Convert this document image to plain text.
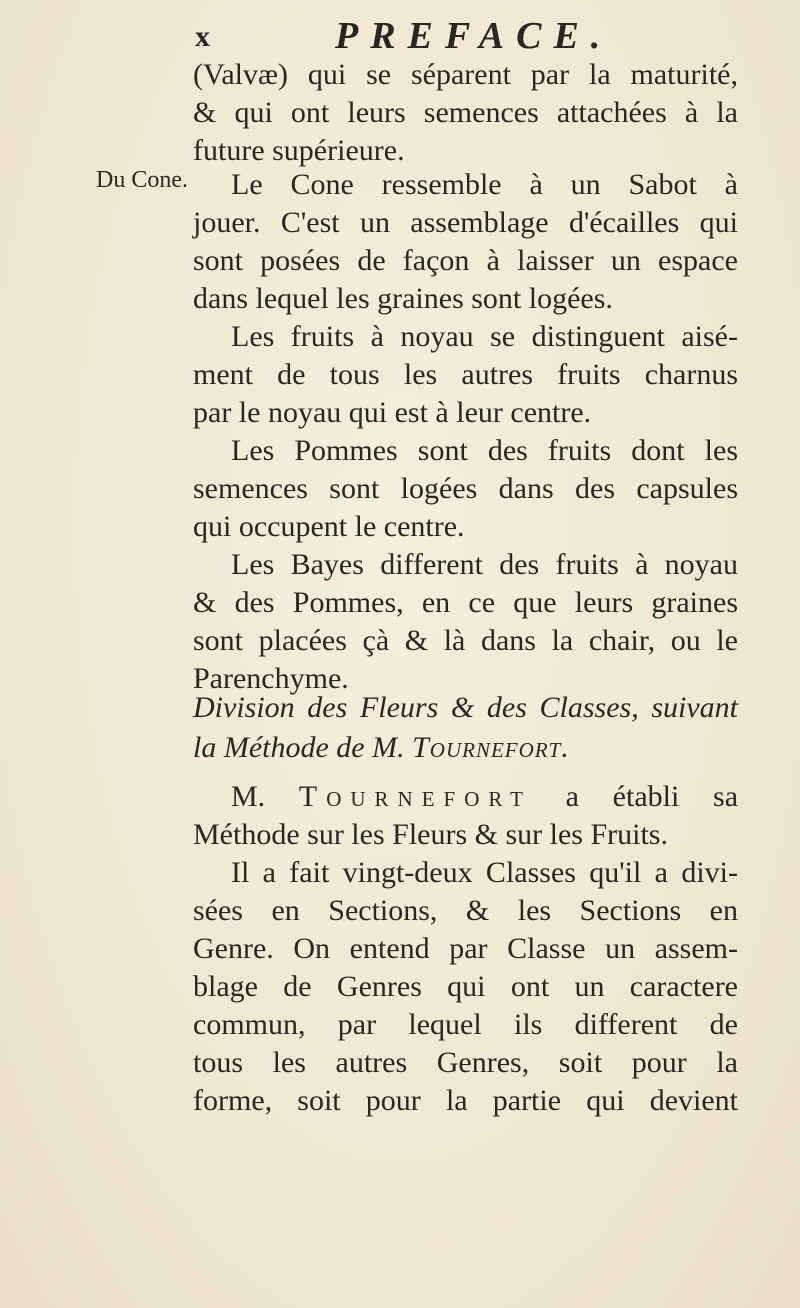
x	PREFACE.
Du Cone.
(Valvæ) qui se séparent par la maturité,
& qui ont leurs semences attachées à la
future supérieure.
Le Cone ressemble à un Sabot à
jouer. C'est un assemblage d'écailles qui
sont posées de façon à laisser un espace
dans lequel les graines sont logées.
Les fruits à noyau se distinguent aisé-
ment de tous les autres fruits charnus
par le noyau qui est à leur centre.
Les Pommes sont des fruits dont les
semences sont logées dans des capsules
qui occupent le centre.
Les Bayes different des fruits à noyau
& des Pommes, en ce que leurs graines
sont placées çà & là dans la chair, ou le
Parenchyme.
Division des Fleurs & des Classes, suivant
la Méthode de M. Tournefort.
M. Tournefort a établi sa
Méthode sur les Fleurs & sur les Fruits.
Il a fait vingt-deux Classes qu'il a divi-
sées en Sections, & les Sections en
Genre. On entend par Classe un assem-
blage de Genres qui ont un caractere
commun, par lequel ils different de
tous les autres Genres, soit pour la
forme, soit pour la partie qui devient
